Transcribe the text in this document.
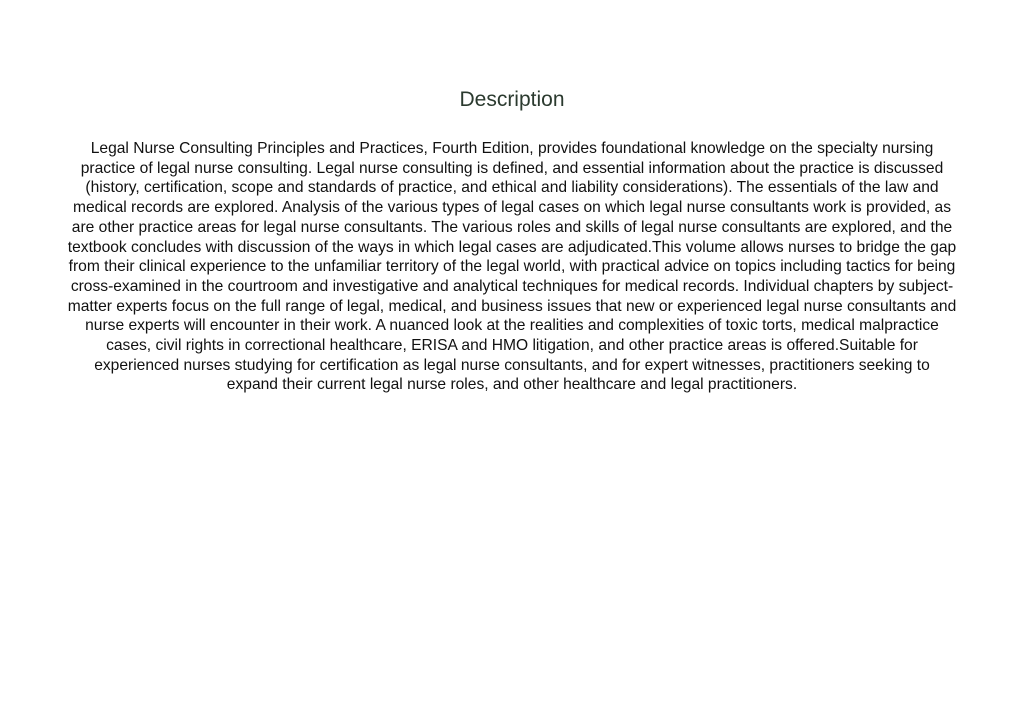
Description

Legal Nurse Consulting Principles and Practices, Fourth Edition, provides foundational knowledge on the specialty nursing
practice of legal nurse consulting. Legal nurse consulting is defined, and essential information about the practice is discussed
(history, certification, scope and standards of practice, and ethical and liability considerations). The essentials of the law and
medical records are explored. Analysis of the various types of legal cases on which legal nurse consultants work is provided, as
are other practice areas for legal nurse consultants. The various roles and skills of legal nurse consultants are explored, and the
textbook concludes with discussion of the ways in which legal cases are adjudicated.This volume allows nurses to bridge the gap
from their clinical experience to the unfamiliar territory of the legal world, with practical advice on topics including tactics for being
cross-examined in the courtroom and investigative and analytical techniques for medical records. Individual chapters by subject-
matter experts focus on the full range of legal, medical, and business issues that new or experienced legal nurse consultants and
nurse experts will encounter in their work. A nuanced look at the realities and complexities of toxic torts, medical malpractice
cases, civil rights in correctional healthcare, ERISA and HMO litigation, and other practice areas is offered.Suitable for
experienced nurses studying for certification as legal nurse consultants, and for expert witnesses, practitioners seeking to
expand their current legal nurse roles, and other healthcare and legal practitioners.
